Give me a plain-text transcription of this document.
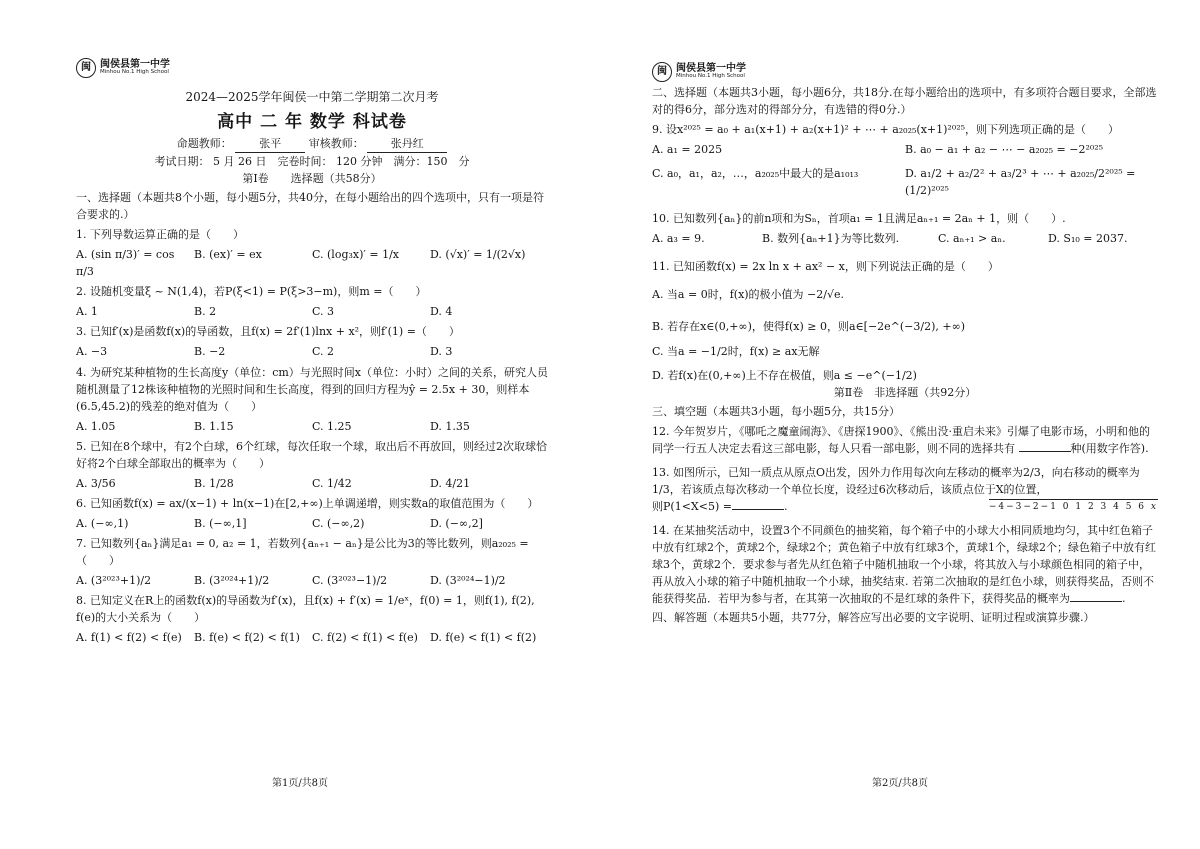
闽 闽侯县第一中学
Minhou No.1 High School
2024—2025学年闽侯一中第二学期第二次月考
高中 二 年 数学 科试卷
命题教师：	张平	审核教师： 张丹红
考试日期： 5 月 26 日　完卷时间： 120 分钟　满分：150　分
第Ⅰ卷　　选择题（共58分）
一、选择题（本题共8个小题，每小题5分，共40分，在每小题给出的四个选项中，只有一项是符合要求的.）
1. 下列导数运算正确的是（　　）
A. (sin π/3)′ = cos π/3
B. (ex)′ = ex	C. (log₃x)′ = 1/x	D. (√x)′ = 1/(2√x)
2. 设随机变量ξ ~ N(1,4)，若P(ξ<1) = P(ξ>3−m)，则m =（　　）
A. 1	B. 2	C. 3	D. 4
3. 已知f′(x)是函数f(x)的导函数，且f(x) = 2f′(1)lnx + x²，则f′(1) =（　　）
A. −3	B. −2	C. 2	D. 3
4. 为研究某种植物的生长高度y（单位：cm）与光照时间x（单位：小时）之间的关系，研究人员随机测量了12株该种植物的光照时间和生长高度，得到的回归方程为ŷ = 2.5x + 30，则样本(6.5,45.2)的残差的绝对值为（　　）
A. 1.05	B. 1.15	C. 1.25	D. 1.35
5. 已知在8个球中，有2个白球，6个红球，每次任取一个球，取出后不再放回，则经过2次取球恰好将2个白球全部取出的概率为（　　）
A. 3/56	B. 1/28	C. 1/42	D. 4/21
6. 已知函数f(x) = ax/(x−1) + ln(x−1)在[2,+∞)上单调递增，则实数a的取值范围为（　　）
A. (−∞,1)	B. (−∞,1]	C. (−∞,2)	D. (−∞,2]
7. 已知数列{aₙ}满足a₁ = 0, a₂ = 1，若数列{aₙ₊₁ − aₙ}是公比为3的等比数列，则a₂₀₂₅ =（　　）
A. (3²⁰²³+1)/2	B. (3²⁰²⁴+1)/2	C. (3²⁰²³−1)/2	D. (3²⁰²⁴−1)/2
8. 已知定义在R上的函数f(x)的导函数为f′(x)，且f(x) + f′(x) = 1/eˣ，f(0) = 1，则f(1), f(2), f(e)的大小关系为（　　）
A. f(1) < f(2) < f(e)	B. f(e) < f(2) < f(1)	C. f(2) < f(1) < f(e)	D. f(e) < f(1) < f(2)
第1页/共8页
闽 闽侯县第一中学
Minhou No.1 High School
二、选择题（本题共3小题，每小题6分，共18分.在每小题给出的选项中，有多项符合题目要求，全部选对的得6分，部分选对的得部分分，有选错的得0分.）
9. 设x²⁰²⁵ = a₀ + a₁(x+1) + a₂(x+1)² + ⋯ + a₂₀₂₅(x+1)²⁰²⁵，则下列选项正确的是（　　）
A. a₁ = 2025	B. a₀ − a₁ + a₂ − ⋯ − a₂₀₂₅ = −2²⁰²⁵
C. a₀，a₁，a₂，…，a₂₀₂₅中最大的是a₁₀₁₃	D. a₁/2 + a₂/2² + a₃/2³ + ⋯ + a₂₀₂₅/2²⁰²⁵ = (1/2)²⁰²⁵
10. 已知数列{aₙ}的前n项和为Sₙ，首项a₁ = 1且满足aₙ₊₁ = 2aₙ + 1，则（　　）.
A. a₃ = 9.	B. 数列{aₙ+1}为等比数列.	C. aₙ₊₁ > aₙ.	D. S₁₀ = 2037.
11. 已知函数f(x) = 2x ln x + ax² − x，则下列说法正确的是（　　）
A. 当a = 0时，f(x)的极小值为 −2/√e.
B. 若存在x∈(0,+∞)，使得f(x) ≥ 0，则a∈[−2e^(−3/2), +∞)
C. 当a = −1/2时，f(x) ≥ ax无解
D. 若f(x)在(0,+∞)上不存在极值，则a ≤ −e^(−1/2)
第Ⅱ卷　非选择题（共92分）
三、填空题（本题共3小题，每小题5分，共15分）
12. 今年贺岁片，《哪吒之魔童闹海》、《唐探1900》、《熊出没·重启未来》引爆了电影市场，小明和他的同学一行五人决定去看这三部电影，每人只看一部电影，则不同的选择共有	种(用数字作答).
13. 如图所示，已知一质点从原点O出发，因外力作用每次向左移动的概率为2/3，向右移动的概率为1/3，若该质点每次移动一个单位长度，设经过6次移动后，该质点位于X的位置，
则P(1<X<5) =	.	−4−3−2−1 0 1 2 3 4 5 6 x
14. 在某抽奖活动中，设置3个不同颜色的抽奖箱，每个箱子中的小球大小相同质地均匀，其中红色箱子中放有红球2个，黄球2个，绿球2个；黄色箱子中放有红球3个，黄球1个，绿球2个；绿色箱子中放有红球3个，黄球2个．要求参与者先从红色箱子中随机抽取一个小球，将其放入与小球颜色相同的箱子中，再从放入小球的箱子中随机抽取一个小球，抽奖结束. 若第二次抽取的是红色小球，则获得奖品，否则不能获得奖品．若甲为参与者，在其第一次抽取的不是红球的条件下，获得奖品的概率为	.
四、解答题（本题共5小题，共77分，解答应写出必要的文字说明、证明过程或演算步骤.）
第2页/共8页
